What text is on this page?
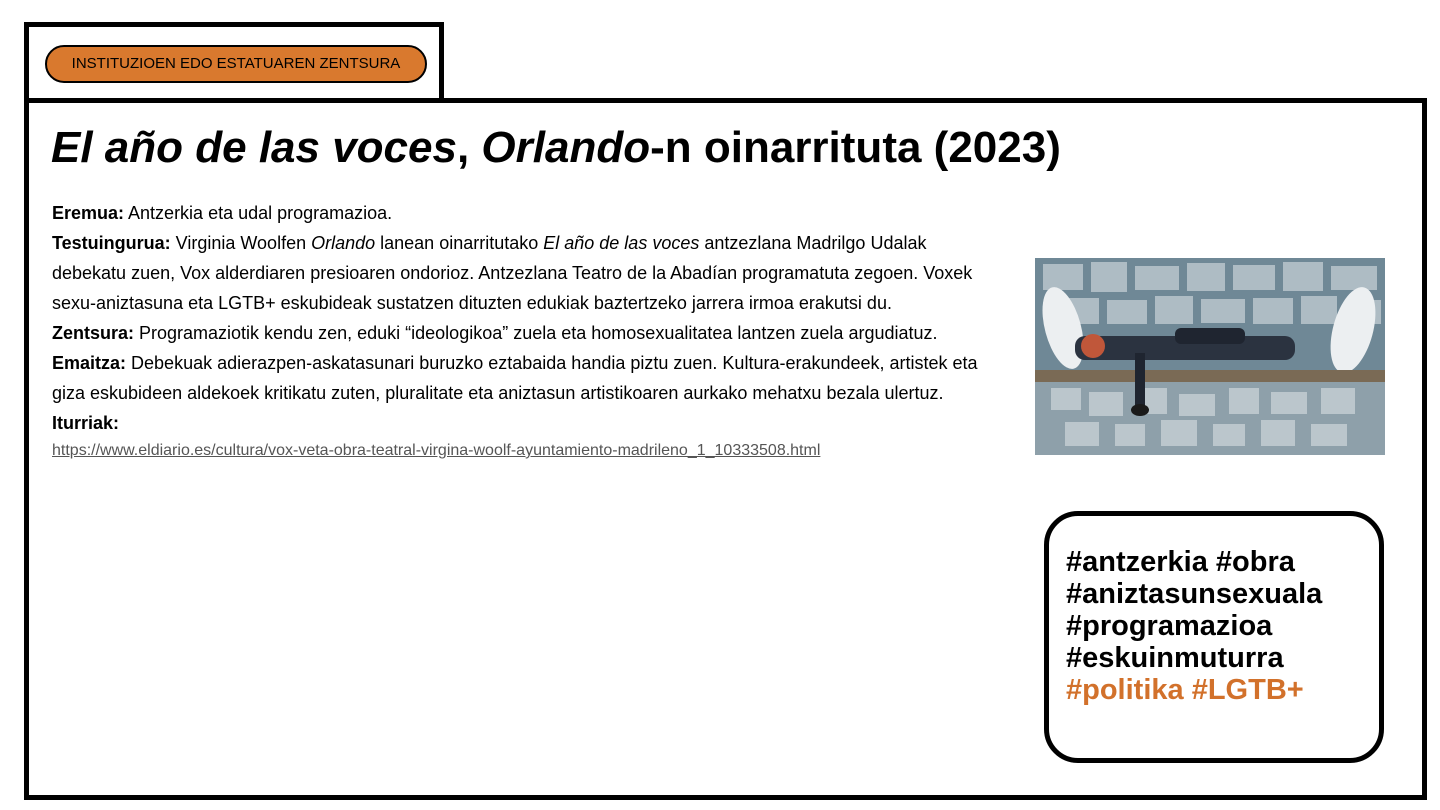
INSTITUZIOEN EDO ESTATUAREN ZENTSURA
El año de las voces, Orlando-n oinarrituta (2023)

Eremua: Antzerkia eta udal programazioa.

Testuingurua: Virginia Woolfen Orlando lanean oinarritutako El año de las voces antzezlana Madrilgo Udalak debekatu zuen, Vox alderdiaren presioaren ondorioz. Antzezlana Teatro de la Abadían programatuta zegoen. Voxek sexu-aniztasuna eta LGTB+ eskubideak sustatzen dituzten edukiak baztertzeko jarrera irmoa erakutsi du.

Zentsura: Programaziotik kendu zen, eduki “ideologikoa” zuela eta homosexualitatea lantzen zuela argudiatuz.

Emaitza: Debekuak adierazpen-askatasunari buruzko eztabaida handia piztu zuen. Kultura-erakundeek, artistek eta giza eskubideen aldekoek kritikatu zuten, pluralitate eta aniztasun artistikoaren aurkako mehatxu bezala ulertuz.

Iturriak:

https://www.eldiario.es/cultura/vox-veta-obra-teatral-virgina-woolf-ayuntamiento-madrileno_1_10333508.html
#antzerkia #obra
#aniztasunsexuala
#programazioa
#eskuinmuturra
#politika #LGTB+
